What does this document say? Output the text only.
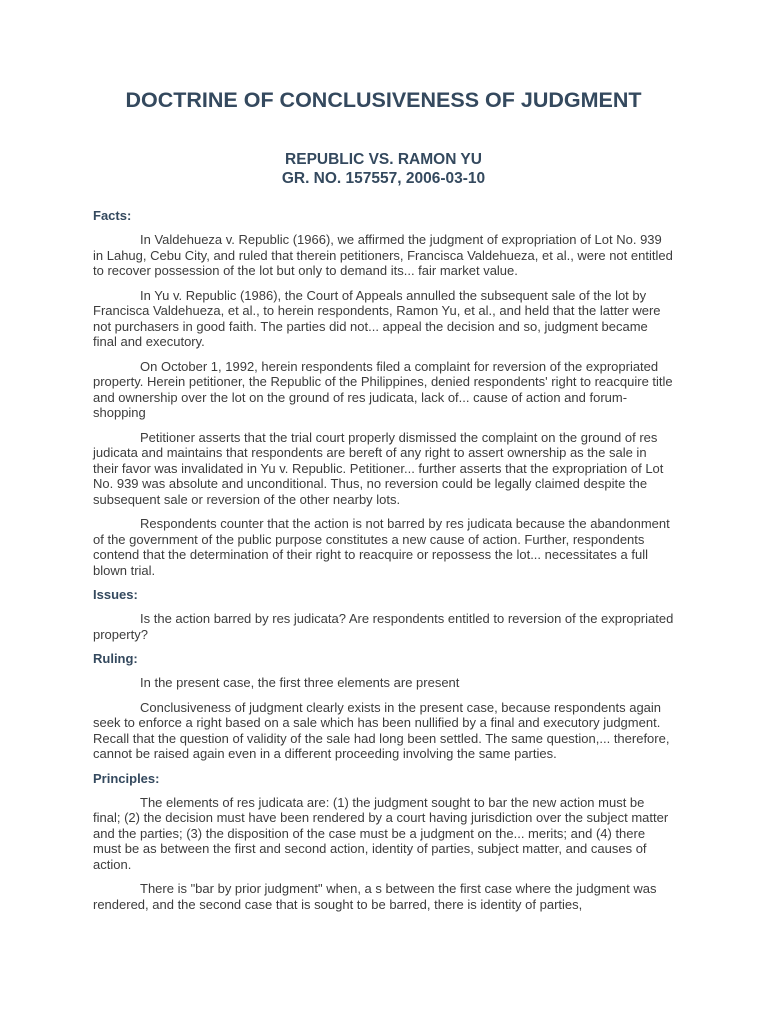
DOCTRINE OF CONCLUSIVENESS OF JUDGMENT
REPUBLIC VS. RAMON YU
GR. NO. 157557, 2006-03-10
Facts:

In Valdehueza v. Republic (1966), we affirmed the judgment of expropriation of Lot No. 939 in Lahug, Cebu City, and ruled that therein petitioners, Francisca Valdehueza, et al., were not entitled to recover possession of the lot but only to demand its... fair market value.

In Yu v. Republic (1986), the Court of Appeals annulled the subsequent sale of the lot by Francisca Valdehueza, et al., to herein respondents, Ramon Yu, et al., and held that the latter were not purchasers in good faith. The parties did not... appeal the decision and so, judgment became final and executory.

On October 1, 1992, herein respondents filed a complaint for reversion of the expropriated property. Herein petitioner, the Republic of the Philippines, denied respondents' right to reacquire title and ownership over the lot on the ground of res judicata, lack of... cause of action and forum-shopping

Petitioner asserts that the trial court properly dismissed the complaint on the ground of res judicata and maintains that respondents are bereft of any right to assert ownership as the sale in their favor was invalidated in Yu v. Republic. Petitioner... further asserts that the expropriation of Lot No. 939 was absolute and unconditional. Thus, no reversion could be legally claimed despite the subsequent sale or reversion of the other nearby lots.

Respondents counter that the action is not barred by res judicata because the abandonment of the government of the public purpose constitutes a new cause of action. Further, respondents contend that the determination of their right to reacquire or repossess the lot... necessitates a full blown trial.

Issues:

Is the action barred by res judicata? Are respondents entitled to reversion of the expropriated property?

Ruling:

In the present case, the first three elements are present

Conclusiveness of judgment clearly exists in the present case, because respondents again seek to enforce a right based on a sale which has been nullified by a final and executory judgment. Recall that the question of validity of the sale had long been settled. The same question,... therefore, cannot be raised again even in a different proceeding involving the same parties.

Principles:

The elements of res judicata are: (1) the judgment sought to bar the new action must be final; (2) the decision must have been rendered by a court having jurisdiction over the subject matter and the parties; (3) the disposition of the case must be a judgment on the... merits; and (4) there must be as between the first and second action, identity of parties, subject matter, and causes of action.

There is "bar by prior judgment" when, a s between the first case where the judgment was rendered, and the second case that is sought to be barred, there is identity of parties,
